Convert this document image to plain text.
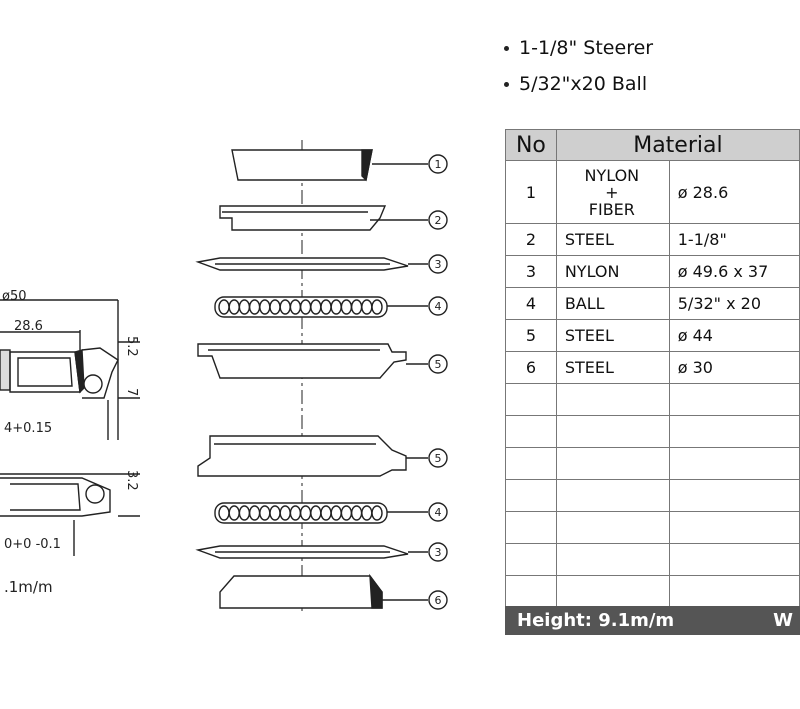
1
2
3
4
5
5
4
3
6
ø50
28.6
5.2
7
4+0.15
3.2
0+0 -0.1
.1m/m
1-1/8" Steerer
5/32"x20 Ball
No	Material	
1	NYLON
+
FIBER	ø 28.6
2	STEEL	1-1/8"
3	NYLON	ø 49.6 x 37
4	BALL	5/32" x 20
5	STEEL	ø 44
6	STEEL	ø 30

Height: 9.1m/m	W
